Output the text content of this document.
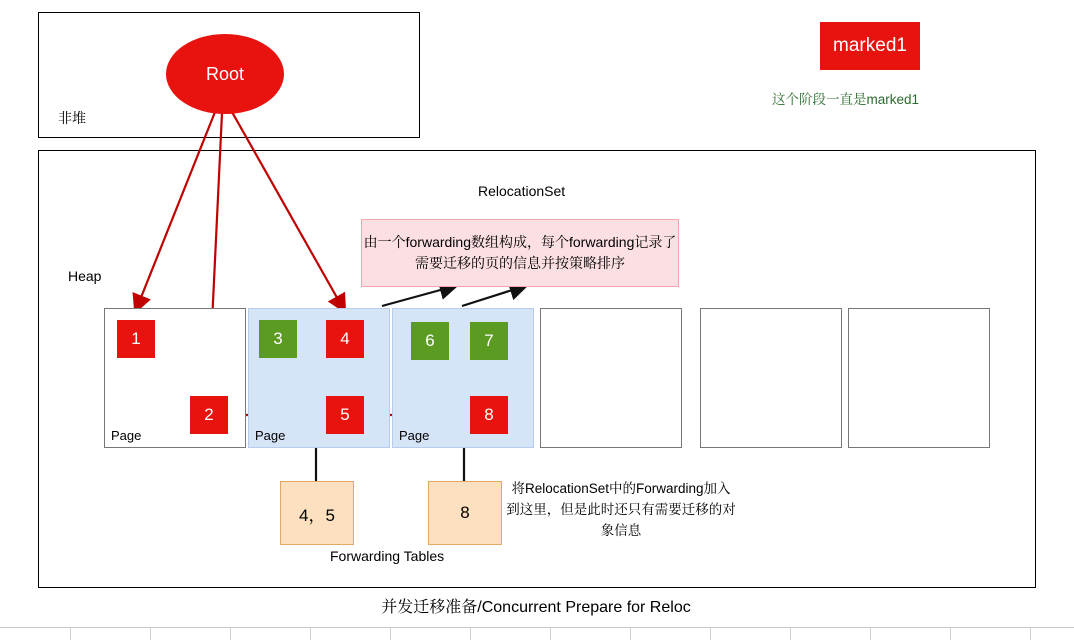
非堆
Heap
RelocationSet
Root
由一个forwarding数组构成，每个forwarding记录了需要迁移的页的信息并按策略排序
Page	Page	Page
1
2
3	4
5
6	7
8
4，5	8
Forwarding Tables
将RelocationSet中的Forwarding加入到这里，但是此时还只有需要迁移的对象信息
marked1
这个阶段一直是marked1
并发迁移准备/Concurrent Prepare for Reloc
